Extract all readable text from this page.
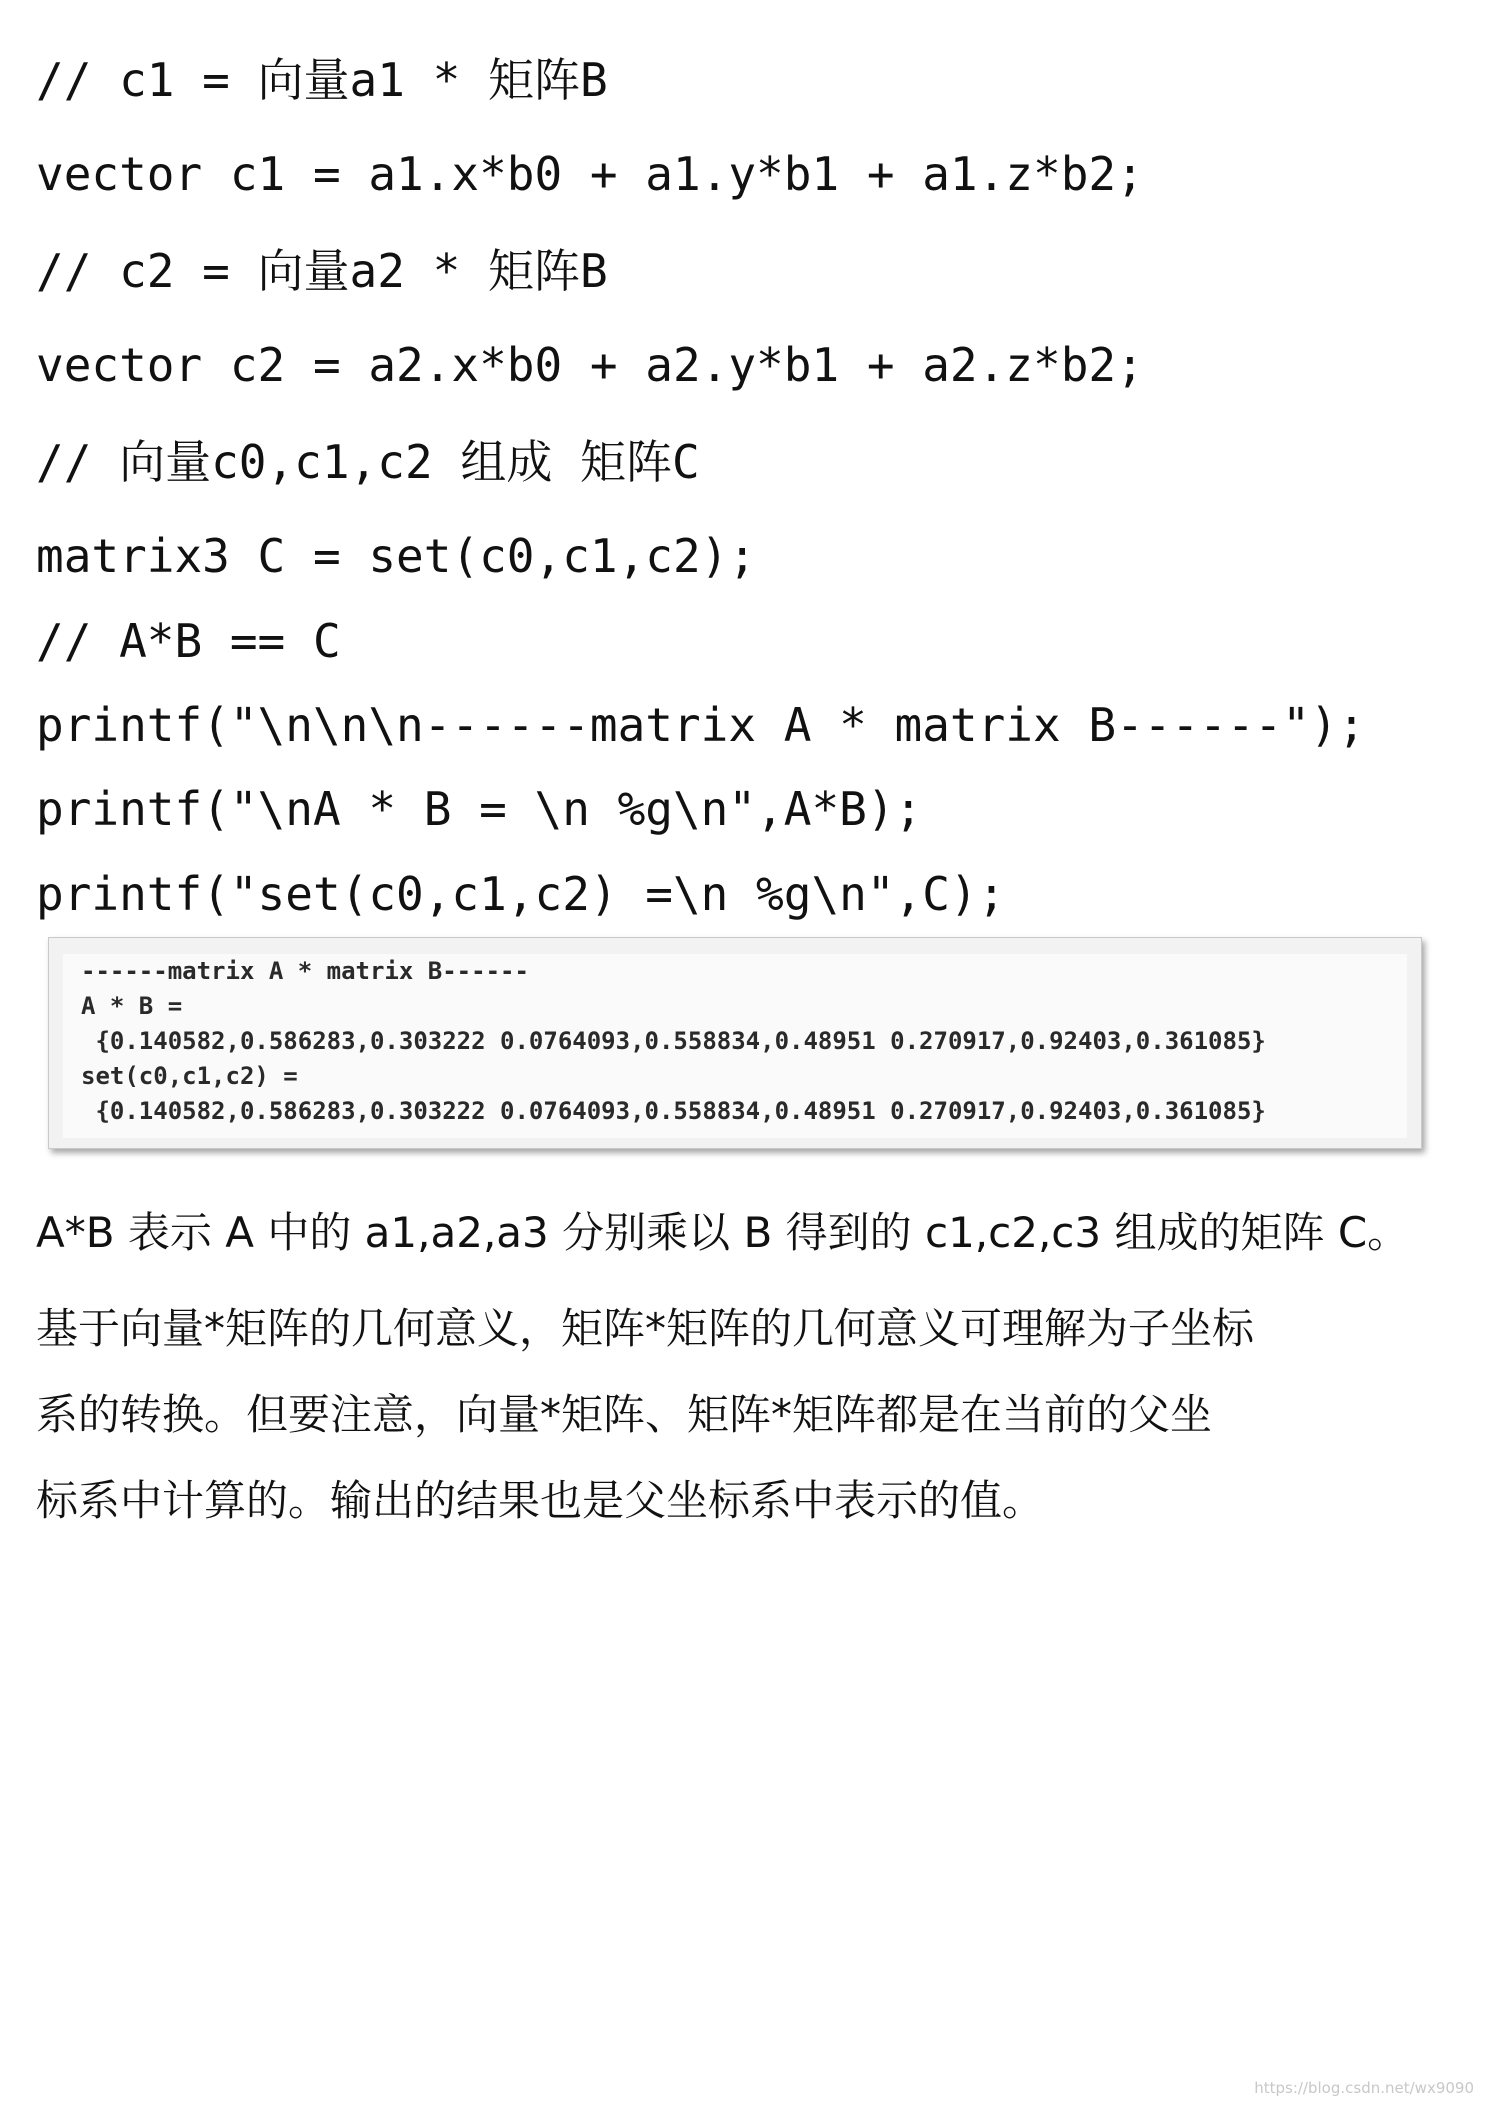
// c1 = 向量a1 * 矩阵B
vector c1 = a1.x*b0 + a1.y*b1 + a1.z*b2;
// c2 = 向量a2 * 矩阵B
vector c2 = a2.x*b0 + a2.y*b1 + a2.z*b2;
// 向量c0,c1,c2 组成 矩阵C
matrix3 C = set(c0,c1,c2);
// A*B == C
printf("\n\n\n------matrix A * matrix B------");
printf("\nA * B = \n %g\n",A*B);
printf("set(c0,c1,c2) =\n %g\n",C);
------matrix A * matrix B------
A * B =
{0.140582,0.586283,0.303222 0.0764093,0.558834,0.48951 0.270917,0.92403,0.361085}
set(c0,c1,c2) =
{0.140582,0.586283,0.303222 0.0764093,0.558834,0.48951 0.270917,0.92403,0.361085}
A*B 表示 A 中的 a1,a2,a3 分别乘以 B 得到的 c1,c2,c3 组成的矩阵 C。
基于向量*矩阵的几何意义，矩阵*矩阵的几何意义可理解为子坐标
系的转换。但要注意，向量*矩阵、矩阵*矩阵都是在当前的父坐
标系中计算的。输出的结果也是父坐标系中表示的值。
https://blog.csdn.net/wx9090
